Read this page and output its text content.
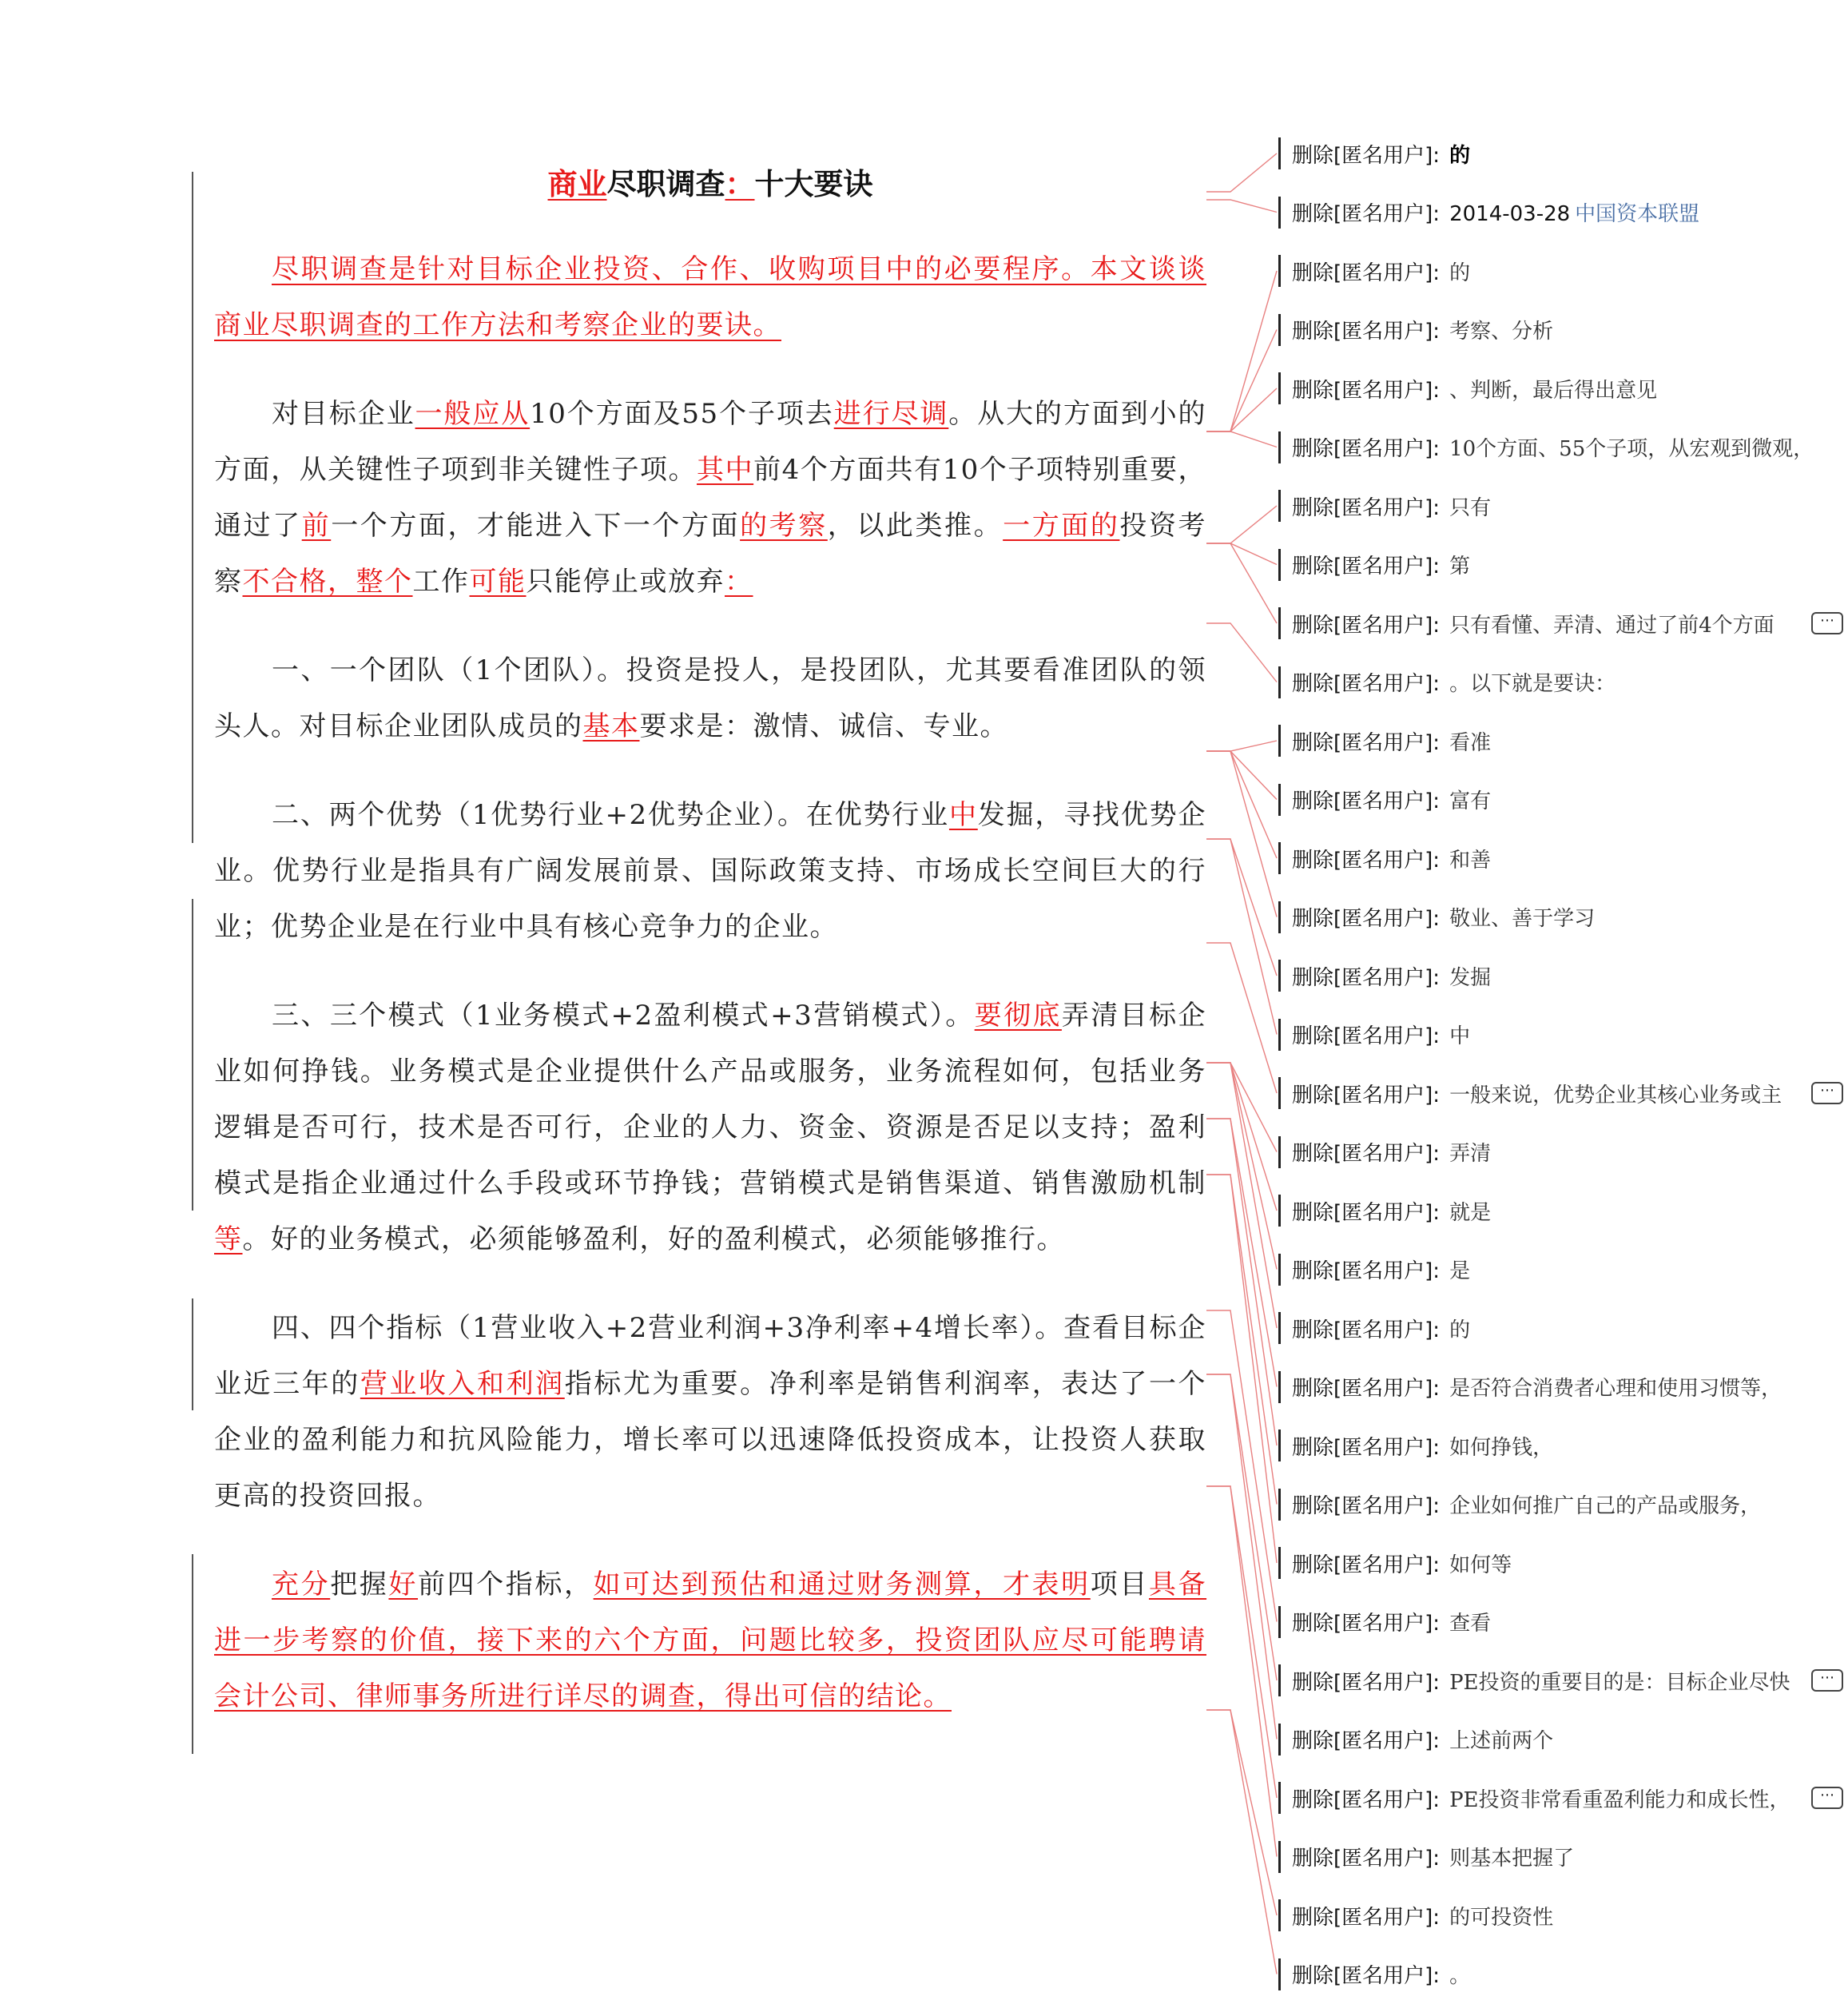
商业尽职调查：十大要诀

尽职调查是针对目标企业投资、合作、收购项目中的必要程序。本文谈谈商业尽职调查的工作方法和考察企业的要诀。

对目标企业一般应从10个方面及55个子项去进行尽调。从大的方面到小的方面，从关键性子项到非关键性子项。其中前4个方面共有10个子项特别重要，通过了前一个方面，才能进入下一个方面的考察，以此类推。一方面的投资考察不合格，整个工作可能只能停止或放弃：

一、一个团队（1个团队）。投资是投人，是投团队，尤其要看准团队的领头人。对目标企业团队成员的基本要求是：激情、诚信、专业。

二、两个优势（1优势行业+2优势企业）。在优势行业中发掘，寻找优势企业。优势行业是指具有广阔发展前景、国际政策支持、市场成长空间巨大的行业；优势企业是在行业中具有核心竞争力的企业。

三、三个模式（1业务模式+2盈利模式+3营销模式）。要彻底弄清目标企业如何挣钱。业务模式是企业提供什么产品或服务，业务流程如何，包括业务逻辑是否可行，技术是否可行，企业的人力、资金、资源是否足以支持；盈利模式是指企业通过什么手段或环节挣钱；营销模式是销售渠道、销售激励机制等。好的业务模式，必须能够盈利，好的盈利模式，必须能够推行。

四、四个指标（1营业收入+2营业利润+3净利率+4增长率）。查看目标企业近三年的营业收入和利润指标尤为重要。净利率是销售利润率，表达了一个企业的盈利能力和抗风险能力，增长率可以迅速降低投资成本，让投资人获取更高的投资回报。

充分把握好前四个指标，如可达到预估和通过财务测算，才表明项目具备进一步考察的价值，接下来的六个方面，问题比较多，投资团队应尽可能聘请会计公司、律师事务所进行详尽的调查，得出可信的结论。

删除[匿名用户]: 的
删除[匿名用户]: 2014-03-28 中国资本联盟
删除[匿名用户]: 的
删除[匿名用户]: 考察、分析
删除[匿名用户]: 、判断，最后得出意见
删除[匿名用户]: 10个方面、55个子项，从宏观到微观，
删除[匿名用户]: 只有
删除[匿名用户]: 第
删除[匿名用户]: 只有看懂、弄清、通过了前4个方面	⋯
删除[匿名用户]: 。以下就是要诀：
删除[匿名用户]: 看准
删除[匿名用户]: 富有
删除[匿名用户]: 和善
删除[匿名用户]: 敬业、善于学习
删除[匿名用户]: 发掘
删除[匿名用户]: 中
删除[匿名用户]: 一般来说，优势企业其核心业务或主	⋯
删除[匿名用户]: 弄清
删除[匿名用户]: 就是
删除[匿名用户]: 是
删除[匿名用户]: 的
删除[匿名用户]: 是否符合消费者心理和使用习惯等，
删除[匿名用户]: 如何挣钱，
删除[匿名用户]: 企业如何推广自己的产品或服务，
删除[匿名用户]: 如何等
删除[匿名用户]: 查看
删除[匿名用户]: PE投资的重要目的是：目标企业尽快	⋯
删除[匿名用户]: 上述前两个
删除[匿名用户]: PE投资非常看重盈利能力和成长性，	⋯
删除[匿名用户]: 则基本把握了
删除[匿名用户]: 的可投资性
删除[匿名用户]: 。
